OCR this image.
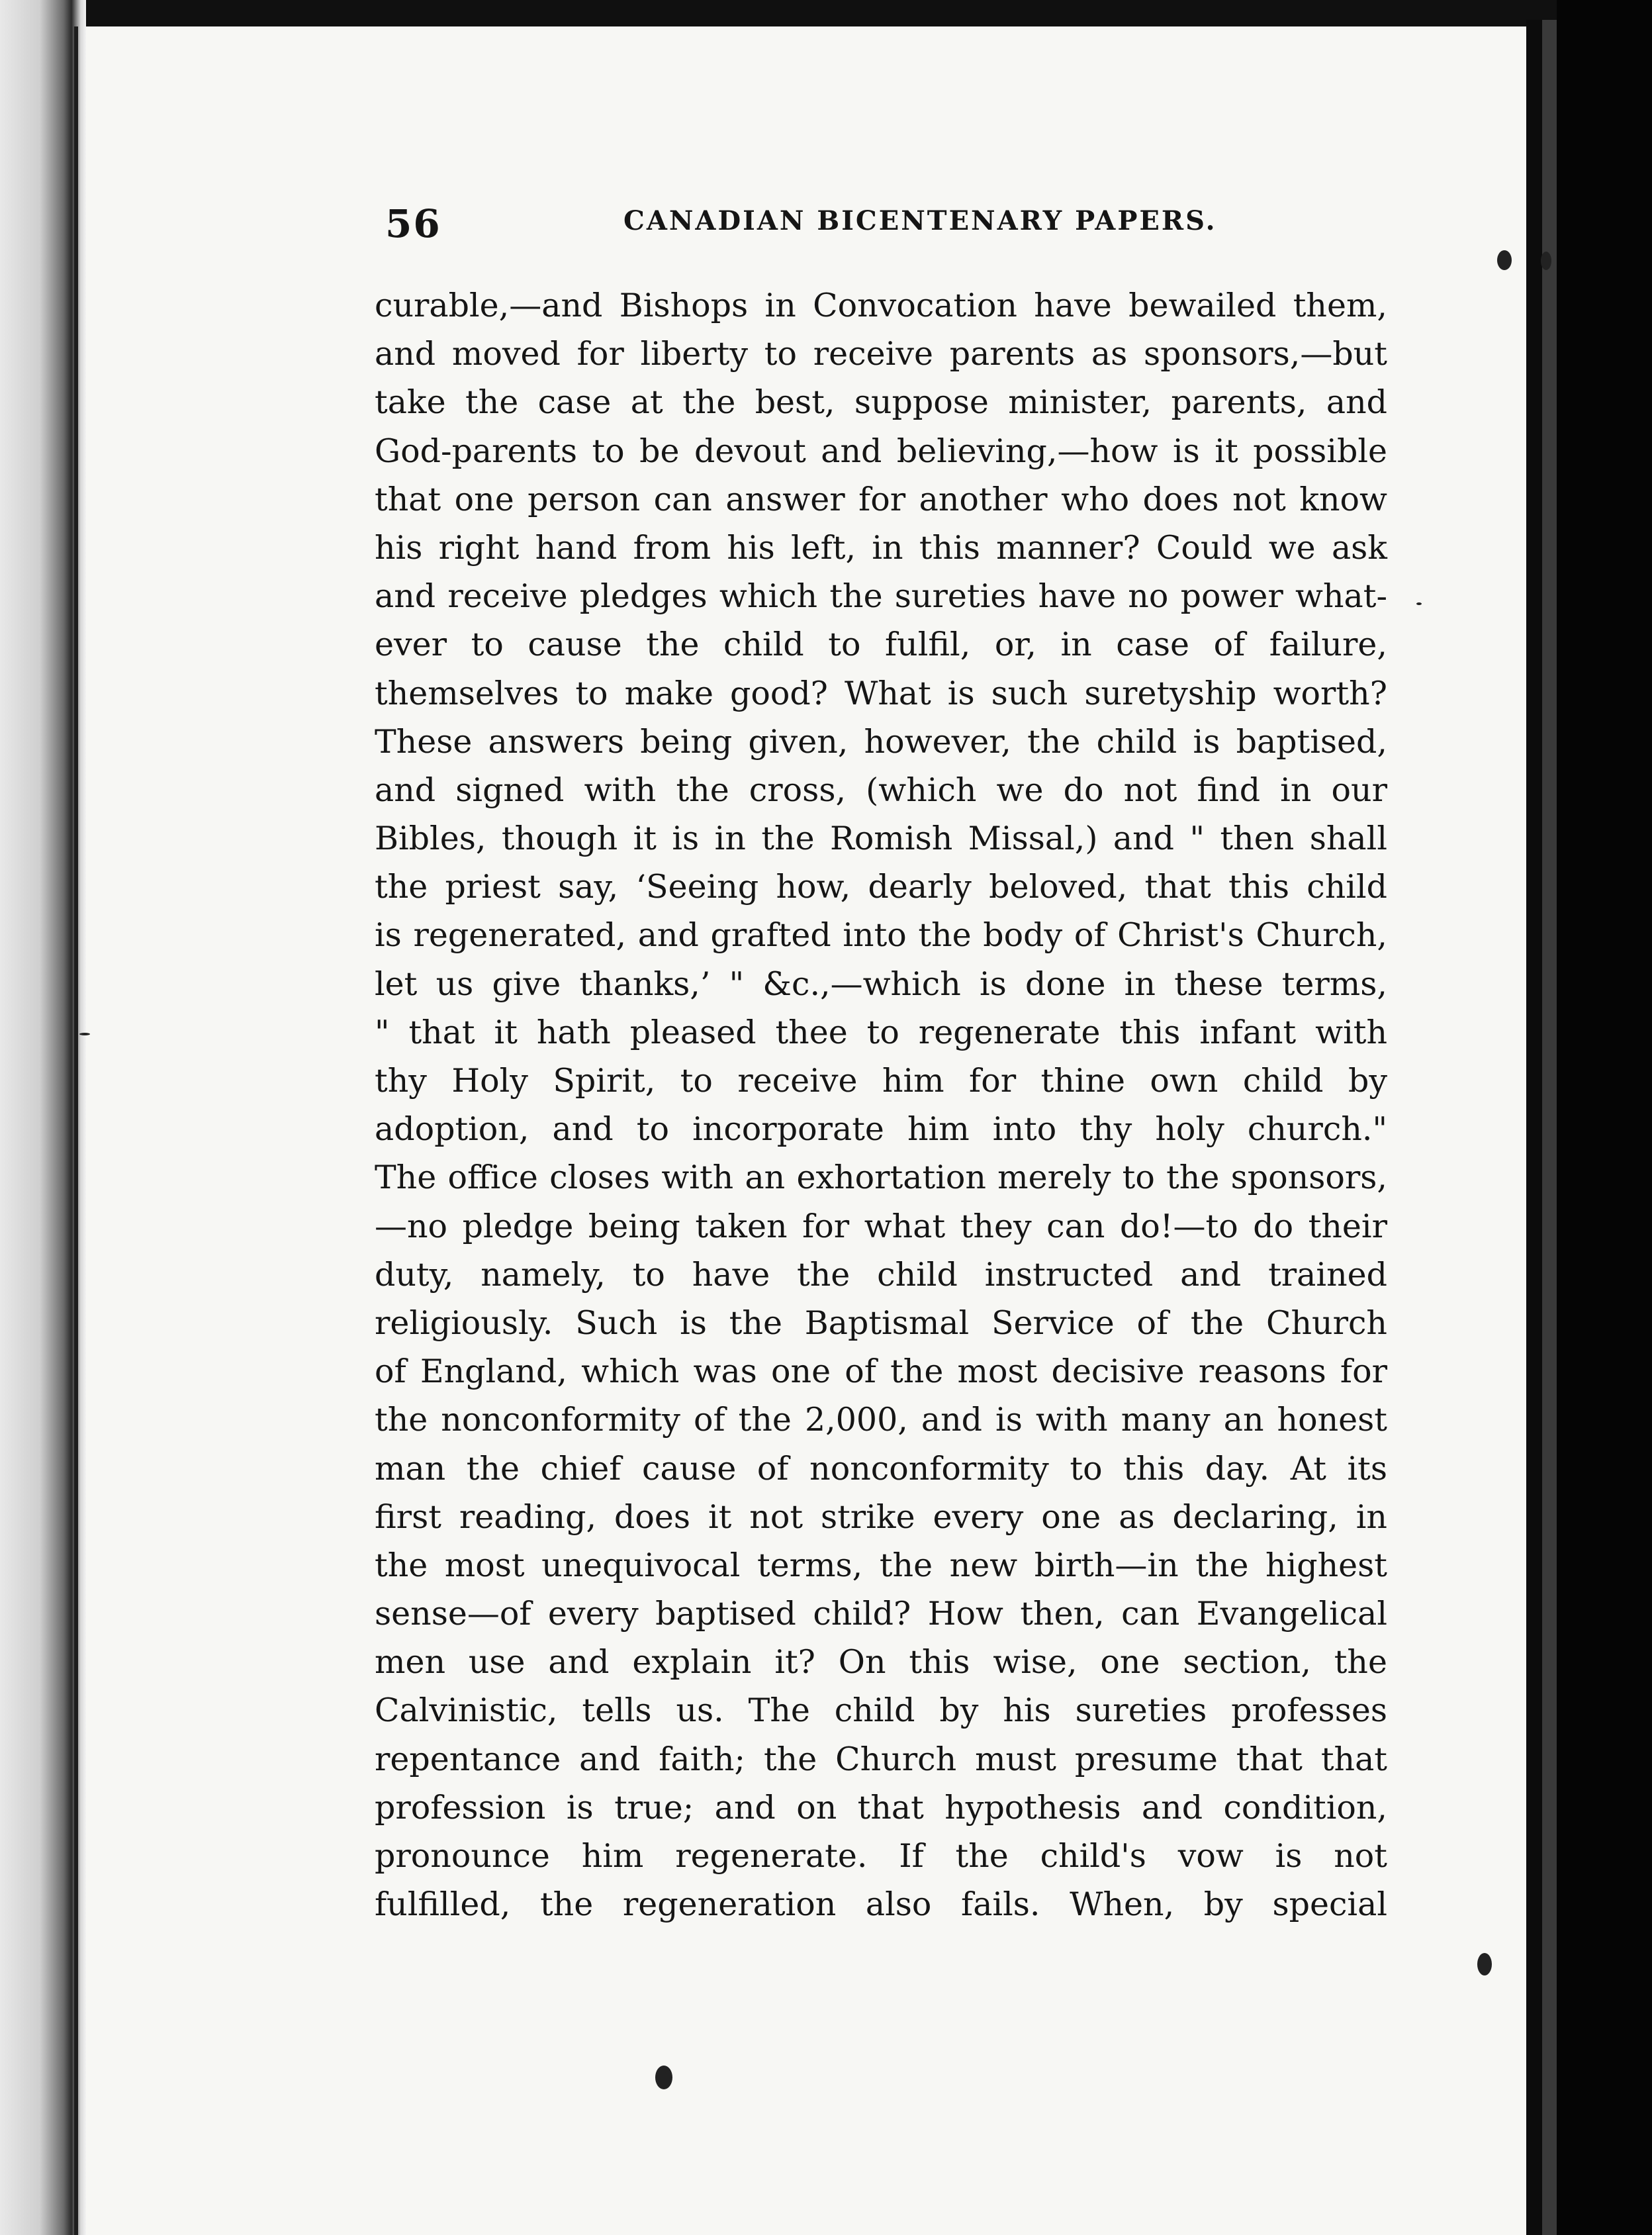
56	CANADIAN BICENTENARY PAPERS.
curable,—and Bishops in Convocation have bewailed them,
and moved for liberty to receive parents as sponsors,—but
take the case at the best, suppose minister, parents, and
God-parents to be devout and believing,—how is it possible
that one person can answer for another who does not know
his right hand from his left, in this manner? Could we ask
and receive pledges which the sureties have no power what-
ever to cause the child to fulfil, or, in case of failure,
themselves to make good? What is such suretyship worth?
These answers being given, however, the child is baptised,
and signed with the cross, (which we do not find in our
Bibles, though it is in the Romish Missal,) and " then shall
the priest say, ‘Seeing how, dearly beloved, that this child
is regenerated, and grafted into the body of Christ's Church,
let us give thanks,’ " &c.,—which is done in these terms,
" that it hath pleased thee to regenerate this infant with
thy Holy Spirit, to receive him for thine own child by
adoption, and to incorporate him into thy holy church."
The office closes with an exhortation merely to the sponsors,
—no pledge being taken for what they can do!—to do their
duty, namely, to have the child instructed and trained
religiously. Such is the Baptismal Service of the Church
of England, which was one of the most decisive reasons for
the nonconformity of the 2,000, and is with many an honest
man the chief cause of nonconformity to this day. At its
first reading, does it not strike every one as declaring, in
the most unequivocal terms, the new birth—in the highest
sense—of every baptised child? How then, can Evangelical
men use and explain it? On this wise, one section, the
Calvinistic, tells us. The child by his sureties professes
repentance and faith; the Church must presume that that
profession is true; and on that hypothesis and condition,
pronounce him regenerate. If the child's vow is not
fulfilled, the regeneration also fails. When, by special
